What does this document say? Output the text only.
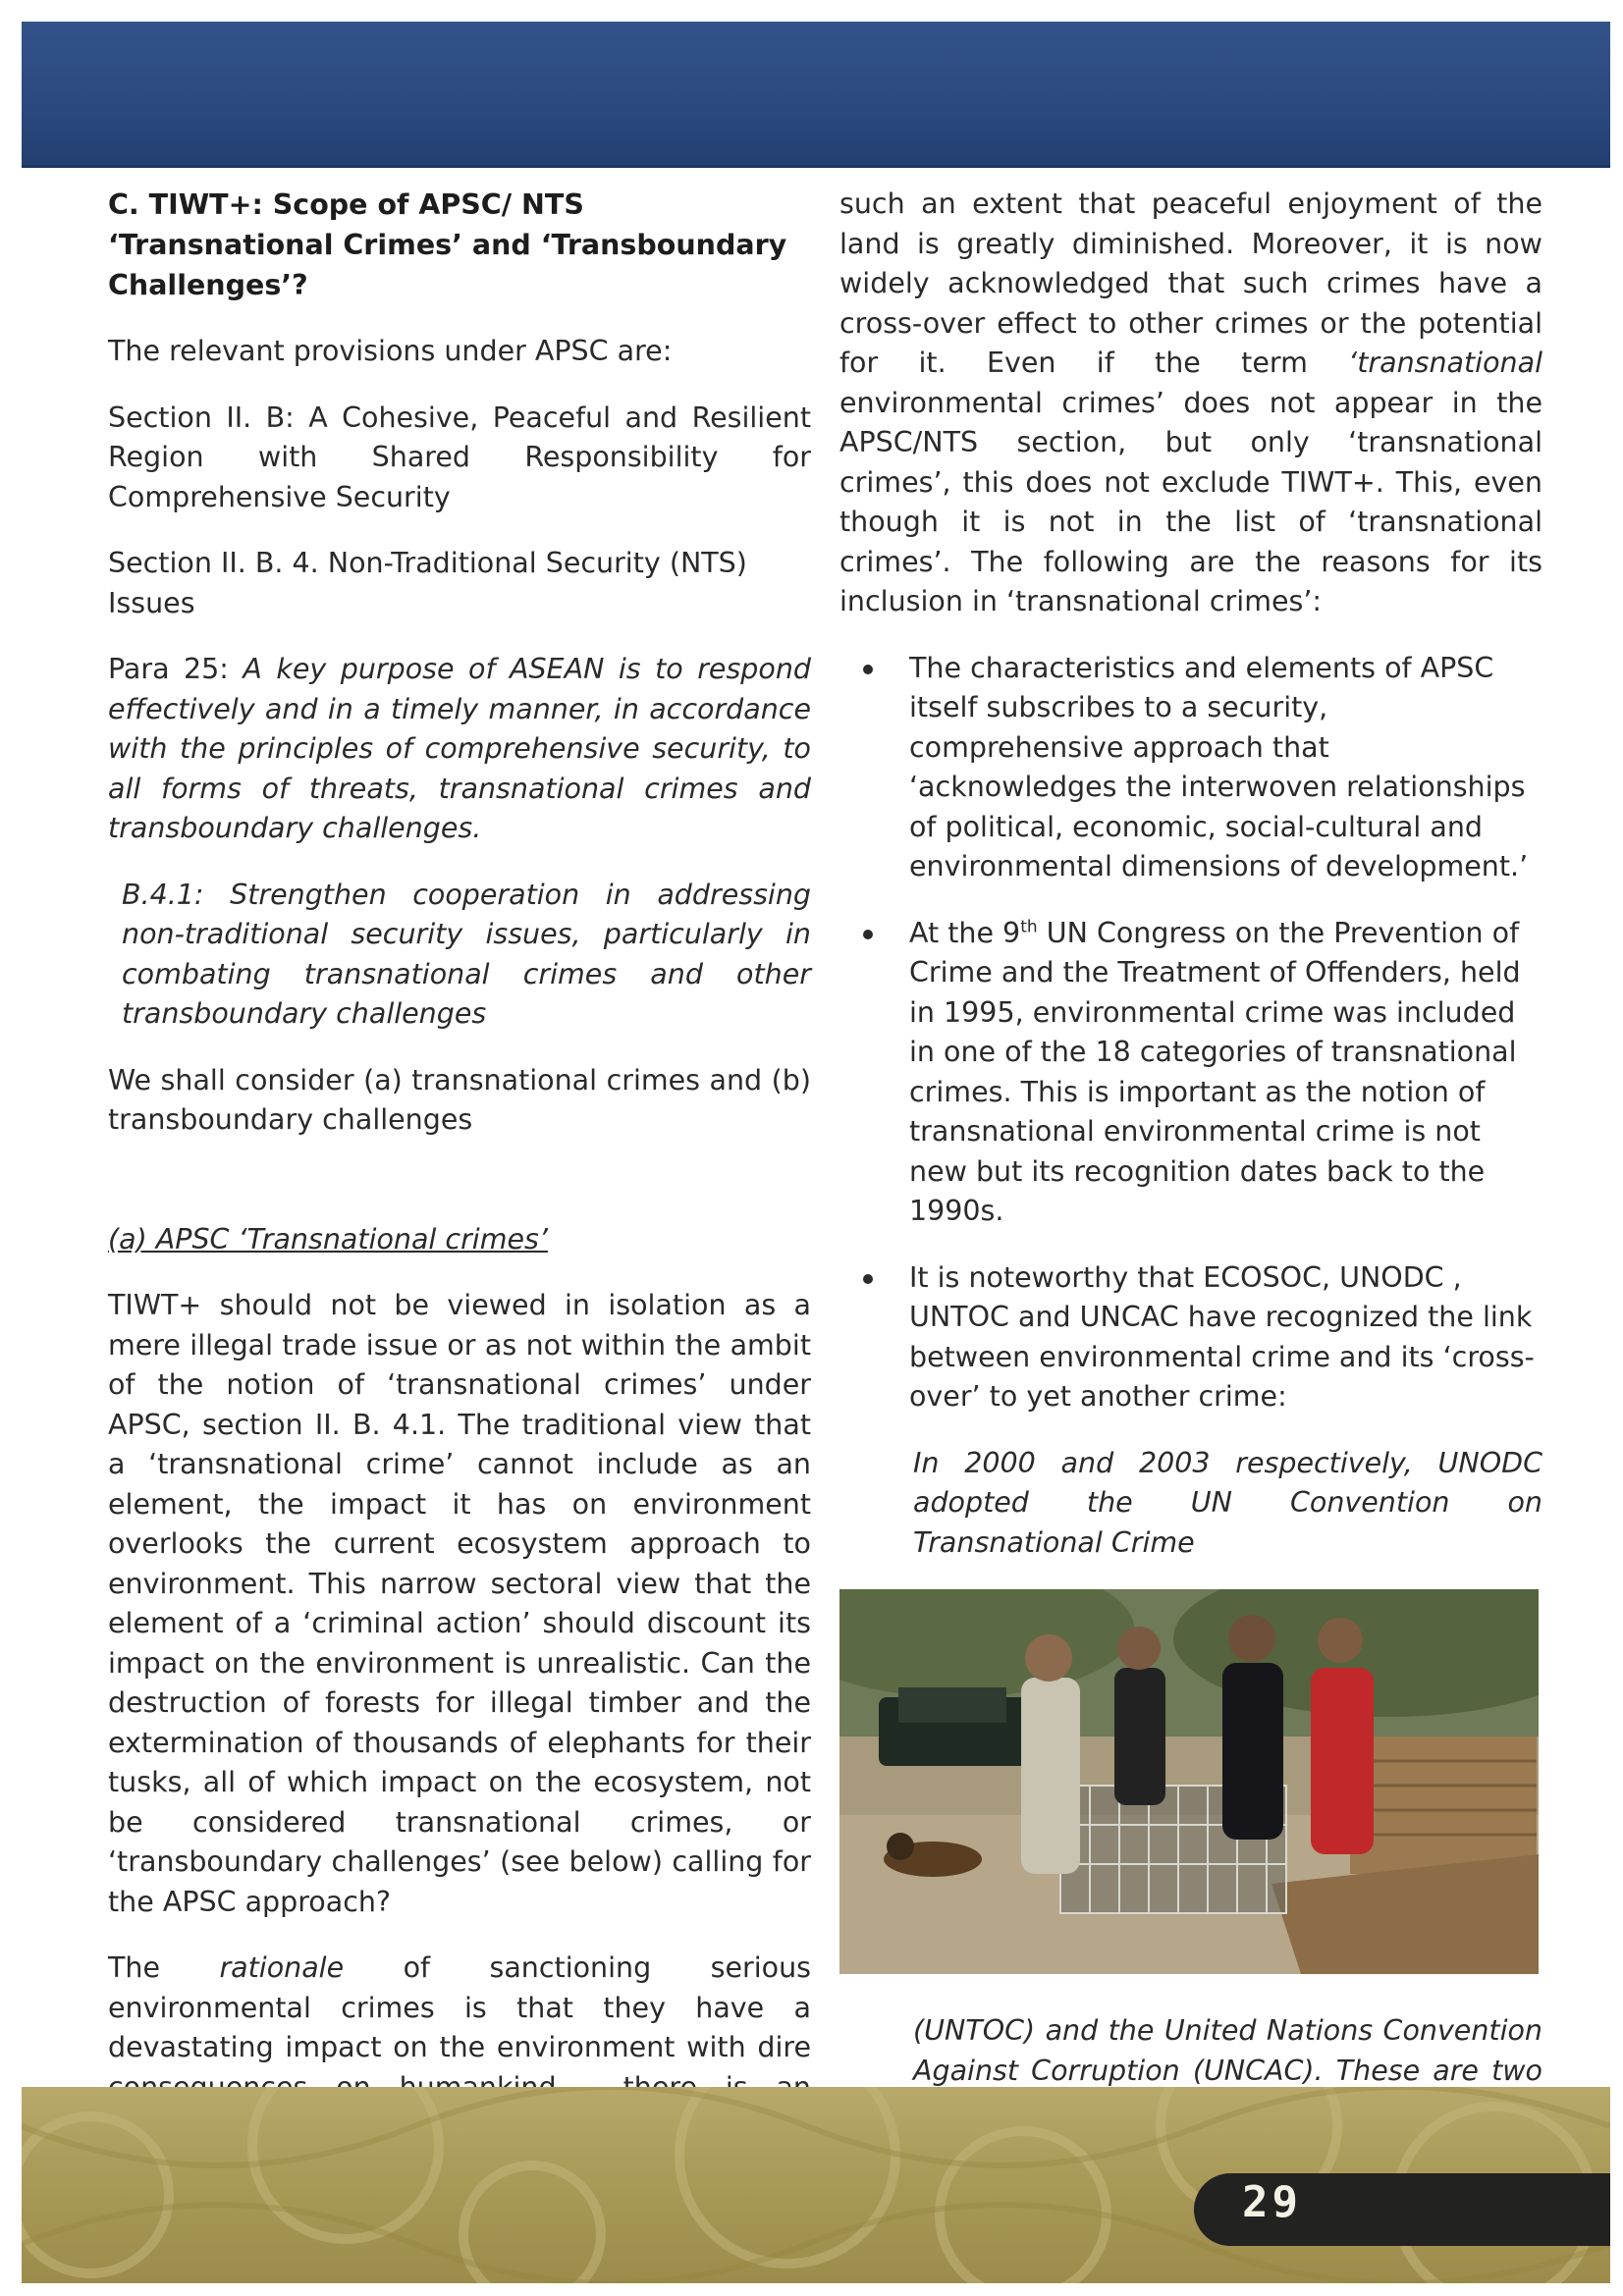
C. TIWT+: Scope of APSC/ NTS ‘Transnational Crimes’ and ‘Transboundary Challenges’?

The relevant provisions under APSC are:

Section II. B: A Cohesive, Peaceful and Resilient Region with Shared Responsibility for Comprehensive Security

Section II. B. 4. Non-Traditional Security (NTS) Issues

Para 25: A key purpose of ASEAN is to respond effectively and in a timely manner, in accordance with the principles of comprehensive security, to all forms of threats, transnational crimes and transboundary challenges.

B.4.1: Strengthen cooperation in addressing non-traditional security issues, particularly in combating transnational crimes and other transboundary challenges

We shall consider (a) transnational crimes and (b) transboundary challenges

(a) APSC ‘Transnational crimes’

TIWT+ should not be viewed in isolation as a mere illegal trade issue or as not within the ambit of the notion of ‘transnational crimes’ under APSC, section II. B. 4.1. The traditional view that a ‘transnational crime’ cannot include as an element, the impact it has on environment overlooks the current ecosystem approach to environment. This narrow sectoral view that the element of a ‘criminal action’ should discount its impact on the environment is unrealistic. Can the destruction of forests for illegal timber and the extermination of thousands of elephants for their tusks, all of which impact on the ecosystem, not be considered transnational crimes, or ‘transboundary challenges’ (see below) calling for the APSC approach?

The rationale of sanctioning serious environmental crimes is that they have a devastating impact on the environment with dire

such an extent that peaceful enjoyment of the land is greatly diminished. Moreover, it is now widely acknowledged that such crimes have a cross-over effect to other crimes or the potential for it. Even if the term ‘transnational environmental crimes’ does not appear in the APSC/NTS section, but only ‘transnational crimes’, this does not exclude TIWT+. This, even though it is not in the list of ‘transnational crimes’. The following are the reasons for its inclusion in ‘transnational crimes’:

The characteristics and elements of APSC itself subscribes to a security, comprehensive approach that ‘acknowledges the interwoven relationships of political, economic, social-cultural and environmental dimensions of development.’
At the 9th UN Congress on the Prevention of Crime and the Treatment of Offenders, held in 1995, environmental crime was included in one of the 18 categories of transnational crimes. This is important as the notion of transnational environmental crime is not new but its recognition dates back to the 1990s.
It is noteworthy that ECOSOC, UNODC , UNTOC and UNCAC have recognized the link between environmental crime and its ‘cross-over’ to yet another crime:

In 2000 and 2003 respectively, UNODC adopted the UN Convention on Transnational Crime

(UNTOC) and the United Nations Convention Against Corruption (UNCAC). These are two

29
